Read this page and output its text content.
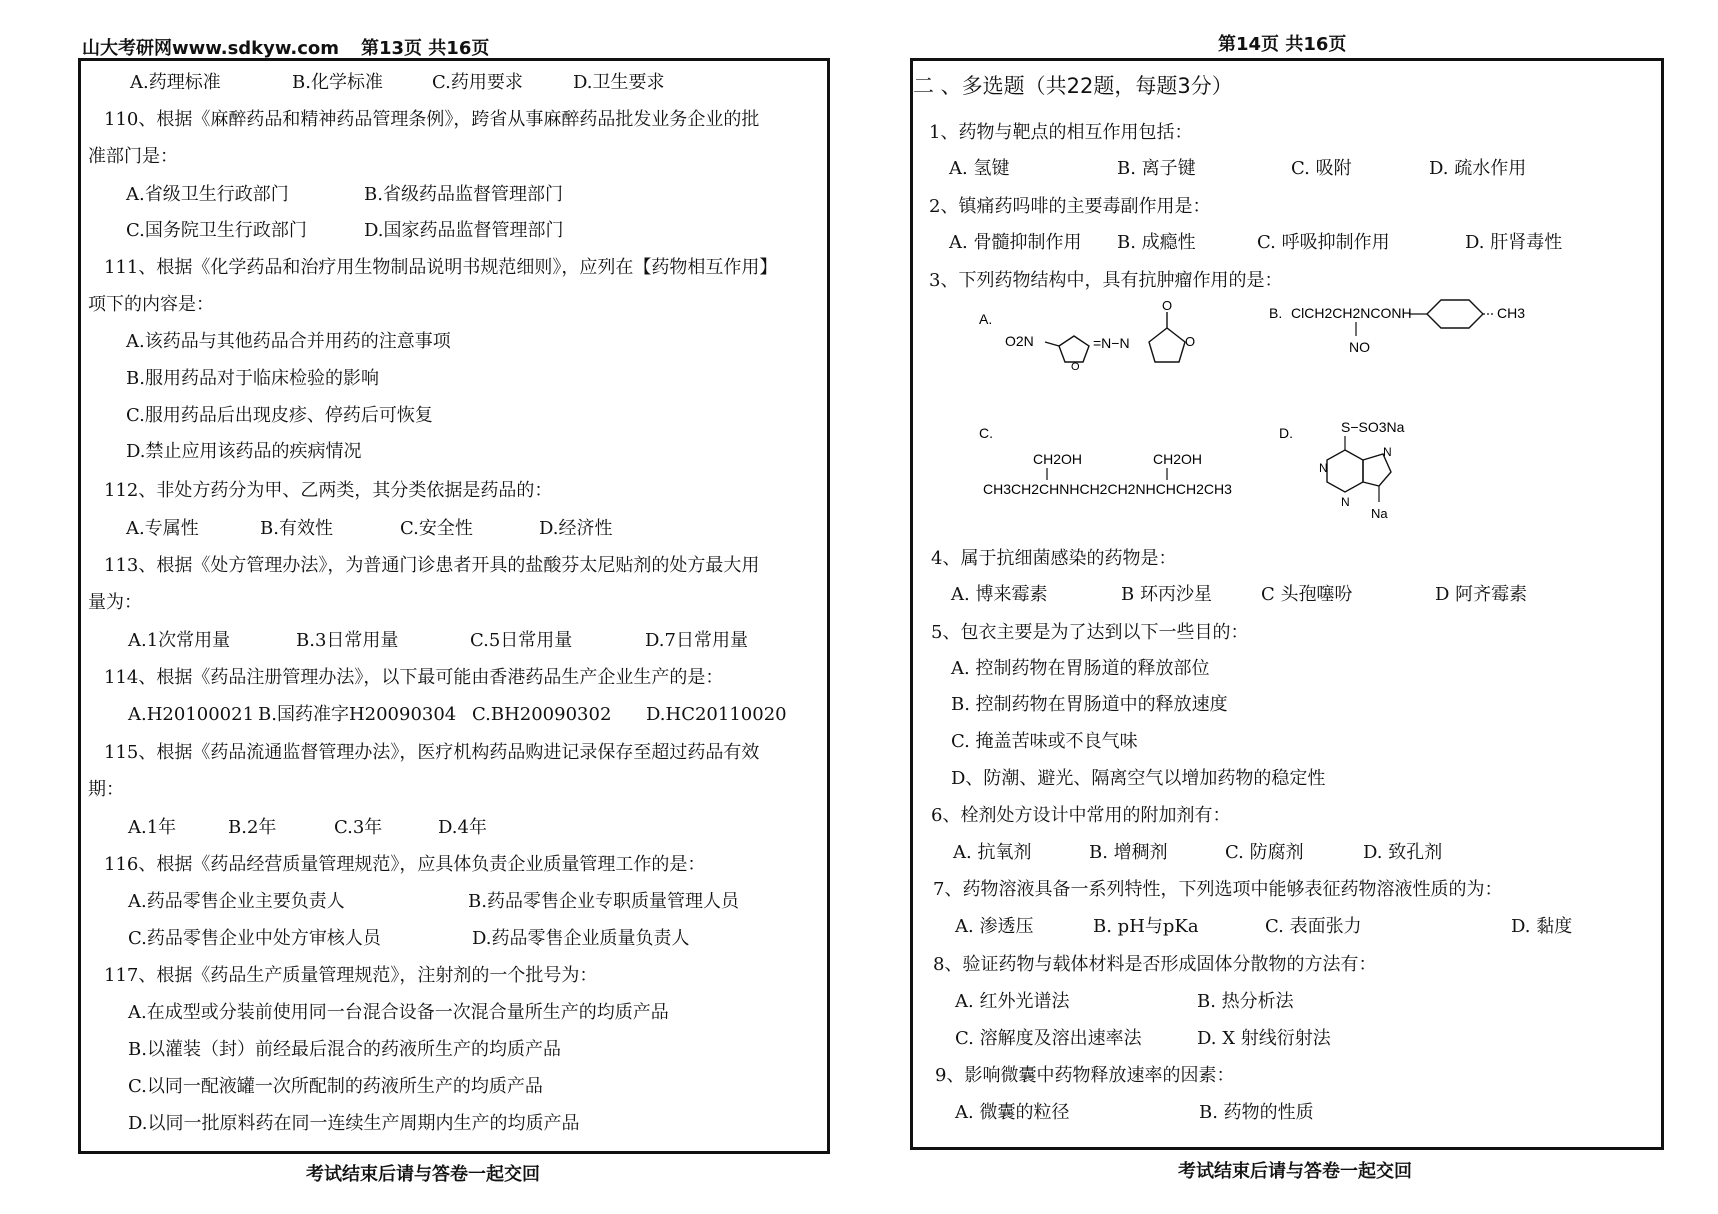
山大考研网www.sdkyw.com 第13页 共16页
A.药理标准	B.化学标准	C.药用要求	D.卫生要求
110、根据《麻醉药品和精神药品管理条例》，跨省从事麻醉药品批发业务企业的批
准部门是：
A.省级卫生行政部门	B.省级药品监督管理部门
C.国务院卫生行政部门	D.国家药品监督管理部门
111、根据《化学药品和治疗用生物制品说明书规范细则》，应列在【药物相互作用】
项下的内容是：
A.该药品与其他药品合并用药的注意事项
B.服用药品对于临床检验的影响
C.服用药品后出现皮疹、停药后可恢复
D.禁止应用该药品的疾病情况
112、非处方药分为甲、乙两类，其分类依据是药品的：
A.专属性	B.有效性	C.安全性	D.经济性
113、根据《处方管理办法》，为普通门诊患者开具的盐酸芬太尼贴剂的处方最大用
量为：
A.1次常用量	B.3日常用量	C.5日常用量	D.7日常用量
114、根据《药品注册管理办法》，以下最可能由香港药品生产企业生产的是：
A.H20100021 B.国药准字H20090304 C.BH20090302 D.HC20110020
115、根据《药品流通监督管理办法》，医疗机构药品购进记录保存至超过药品有效
期：
A.1年	B.2年	C.3年	D.4年
116、根据《药品经营质量管理规范》，应具体负责企业质量管理工作的是：
A.药品零售企业主要负责人	B.药品零售企业专职质量管理人员
C.药品零售企业中处方审核人员	D.药品零售企业质量负责人
117、根据《药品生产质量管理规范》，注射剂的一个批号为：
A.在成型或分装前使用同一台混合设备一次混合量所生产的均质产品
B.以灌装（封）前经最后混合的药液所生产的均质产品
C.以同一配液罐一次所配制的药液所生产的均质产品
D.以同一批原料药在同一连续生产周期内生产的均质产品
考试结束后请与答卷一起交回
二 、多选题（共22题，每题3分）
1、药物与靶点的相互作用包括：
A. 氢键	B. 离子键	C. 吸附	D. 疏水作用
2、镇痛药吗啡的主要毒副作用是：
A. 骨髓抑制作用 B. 成瘾性	C. 呼吸抑制作用	D. 肝肾毒性
3、下列药物结构中，具有抗肿瘤作用的是：
A.
O2N
O
=N−N
O
O
B. ClCH2CH2NCONH
NO
CH3
C.
CH2OH	CH2OH
CH3CH2CHNHCH2CH2NHCHCH2CH3
D.	S−SO3Na
N
N
N
Na
4、属于抗细菌感染的药物是：
A. 博来霉素	B 环丙沙星	C 头孢噻吩	D 阿齐霉素
5、包衣主要是为了达到以下一些目的：
A. 控制药物在胃肠道的释放部位
B. 控制药物在胃肠道中的释放速度
C. 掩盖苦味或不良气味
D、防潮、避光、隔离空气以增加药物的稳定性
6、栓剂处方设计中常用的附加剂有：
A. 抗氧剂	B. 增稠剂	C. 防腐剂	D. 致孔剂
7、药物溶液具备一系列特性，下列选项中能够表征药物溶液性质的为：
A. 渗透压	B. pH与pKa	C. 表面张力	D. 黏度
8、验证药物与载体材料是否形成固体分散物的方法有：
A. 红外光谱法	B. 热分析法
C. 溶解度及溶出速率法	D. X 射线衍射法
9、影响微囊中药物释放速率的因素：
A. 微囊的粒径	B. 药物的性质
第14页 共16页
考试结束后请与答卷一起交回
